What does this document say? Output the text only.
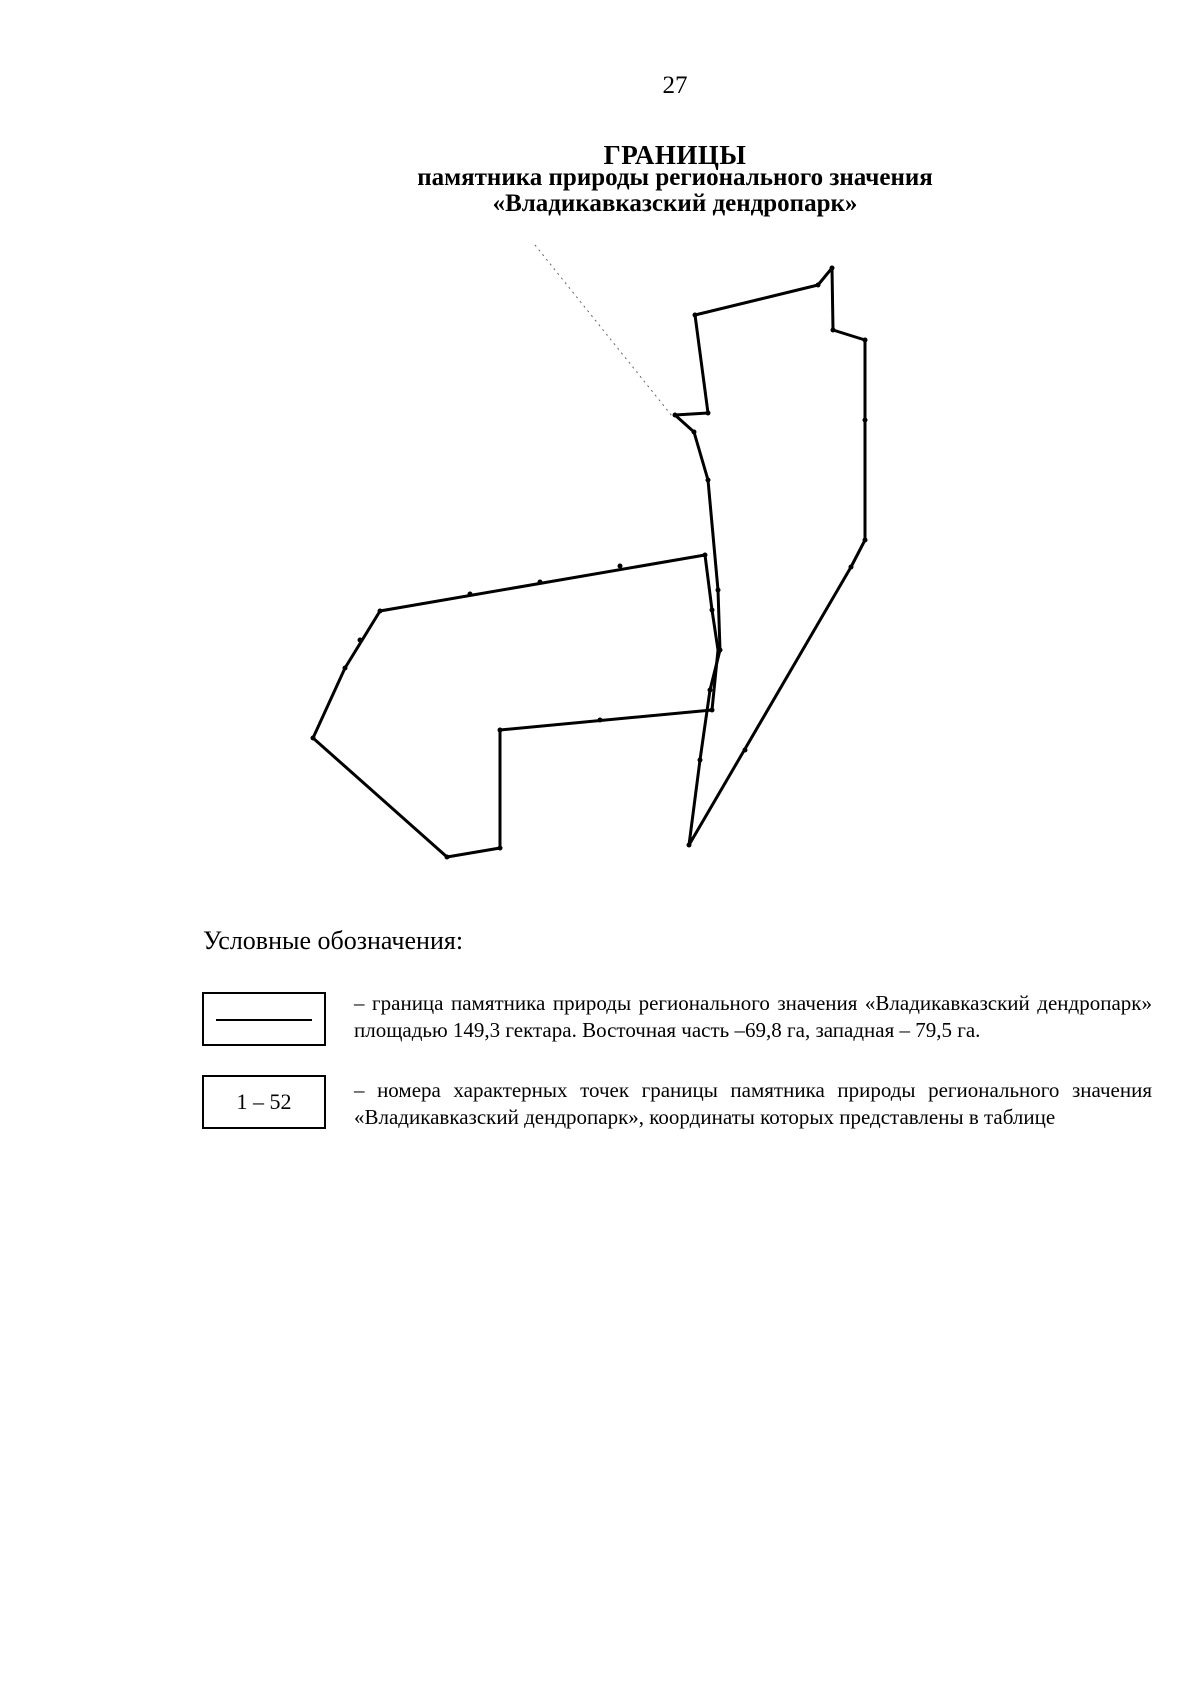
27
ГРАНИЦЫ
памятника природы регионального значения
«Владикавказский дендропарк»
Условные обозначения:
– граница памятника природы регионального значения «Владикавказский дендропарк» площадью 149,3 гектара. Восточная часть –69,8 га, западная – 79,5 га.
1 – 52	– номера характерных точек границы памятника природы регионального значения «Владикавказский дендропарк», координаты которых представлены в таблице
